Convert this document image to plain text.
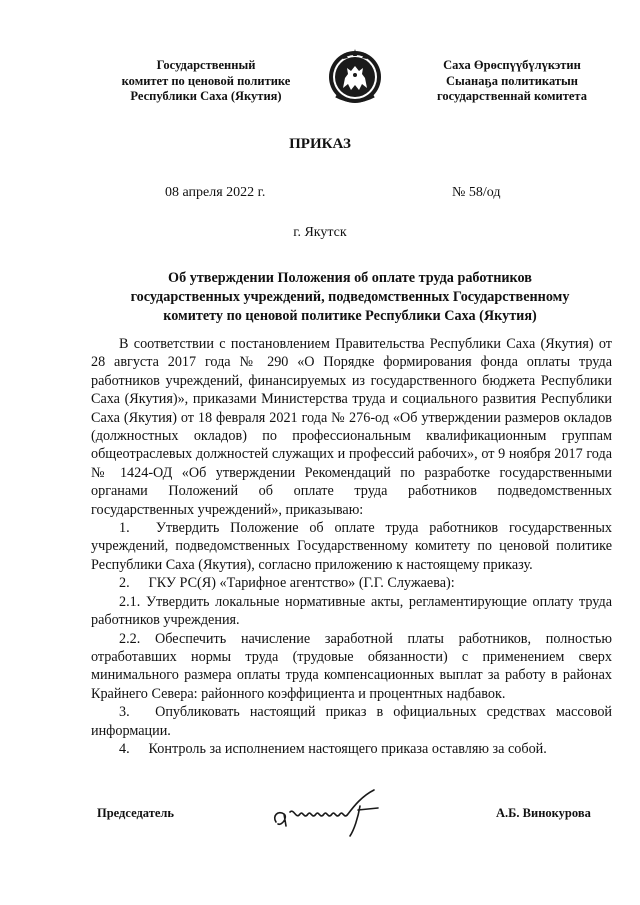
Государственный
комитет по ценовой политике
Республики Саха (Якутия)
Саха Өрөспүүбүлүкэтин
Сыанаҕа политикатын
государственнай комитета
ПРИКАЗ
08 апреля 2022 г.	№ 58/од
г. Якутск
Об утверждении Положения об оплате труда работников
государственных учреждений, подведомственных Государственному
комитету по ценовой политике Республики Саха (Якутия)

В соответствии с постановлением Правительства Республики Саха (Якутия) от 28 августа 2017 года № 290 «О Порядке формирования фонда оплаты труда работников учреждений, финансируемых из государственного бюджета Республики Саха (Якутия)», приказами Министерства труда и социального развития Республики Саха (Якутия) от 18 февраля 2021 года № 276-од «Об утверждении размеров окладов (должностных окладов) по профессиональным квалификационным группам общеотраслевых должностей служащих и профессий рабочих», от 9 ноября 2017 года № 1424-ОД «Об утверждении Рекомендаций по разработке государственными органами Положений об оплате труда работников подведомственных государственных учреждений», приказываю:

1. Утвердить Положение об оплате труда работников государственных учреждений, подведомственных Государственному комитету по ценовой политике Республики Саха (Якутия), согласно приложению к настоящему приказу.

2. ГКУ РС(Я) «Тарифное агентство» (Г.Г. Служаева):

2.1. Утвердить локальные нормативные акты, регламентирующие оплату труда работников учреждения.

2.2. Обеспечить начисление заработной платы работников, полностью отработавших нормы труда (трудовые обязанности) с применением сверх минимального размера оплаты труда компенсационных выплат за работу в районах Крайнего Севера: районного коэффициента и процентных надбавок.

3. Опубликовать настоящий приказ в официальных средствах массовой информации.

4. Контроль за исполнением настоящего приказа оставляю за собой.

Председатель	А.Б. Винокурова
